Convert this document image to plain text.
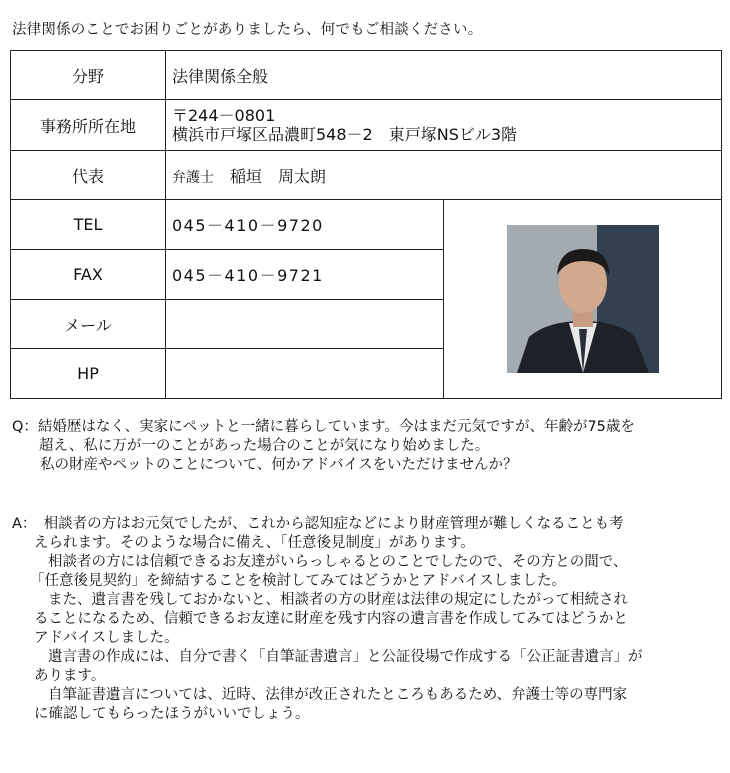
法律関係のことでお困りごとがありましたら、何でもご相談ください。
分野	法律関係全般	
事務所所在地	〒244－0801
横浜市戸塚区品濃町548－2　東戸塚NSビル3階	

代表	弁護士　 稲垣　周太朗	
TEL	045－410－9720	

FAX	045－410－9721	
メール		
HP		

Q：結婚歴はなく、実家にペットと一緒に暮らしています。今はまだ元気ですが、年齢が75歳を

超え、私に万が一のことがあった場合のことが気になり始めました。

私の財産やペットのことについて、何かアドバイスをいただけませんか？

A：　相談者の方はお元気でしたが、これから認知症などにより財産管理が難しくなることも考

えられます。そのような場合に備え、「任意後見制度」があります。

相談者の方には信頼できるお友達がいらっしゃるとのことでしたので、その方との間で、

「任意後見契約」を締結することを検討してみてはどうかとアドバイスしました。

また、遺言書を残しておかないと、相談者の方の財産は法律の規定にしたがって相続され

ることになるため、信頼できるお友達に財産を残す内容の遺言書を作成してみてはどうかと

アドバイスしました。

遺言書の作成には、自分で書く「自筆証書遺言」と公証役場で作成する「公正証書遺言」が

あります。

自筆証書遺言については、近時、法律が改正されたところもあるため、弁護士等の専門家

に確認してもらったほうがいいでしょう。
